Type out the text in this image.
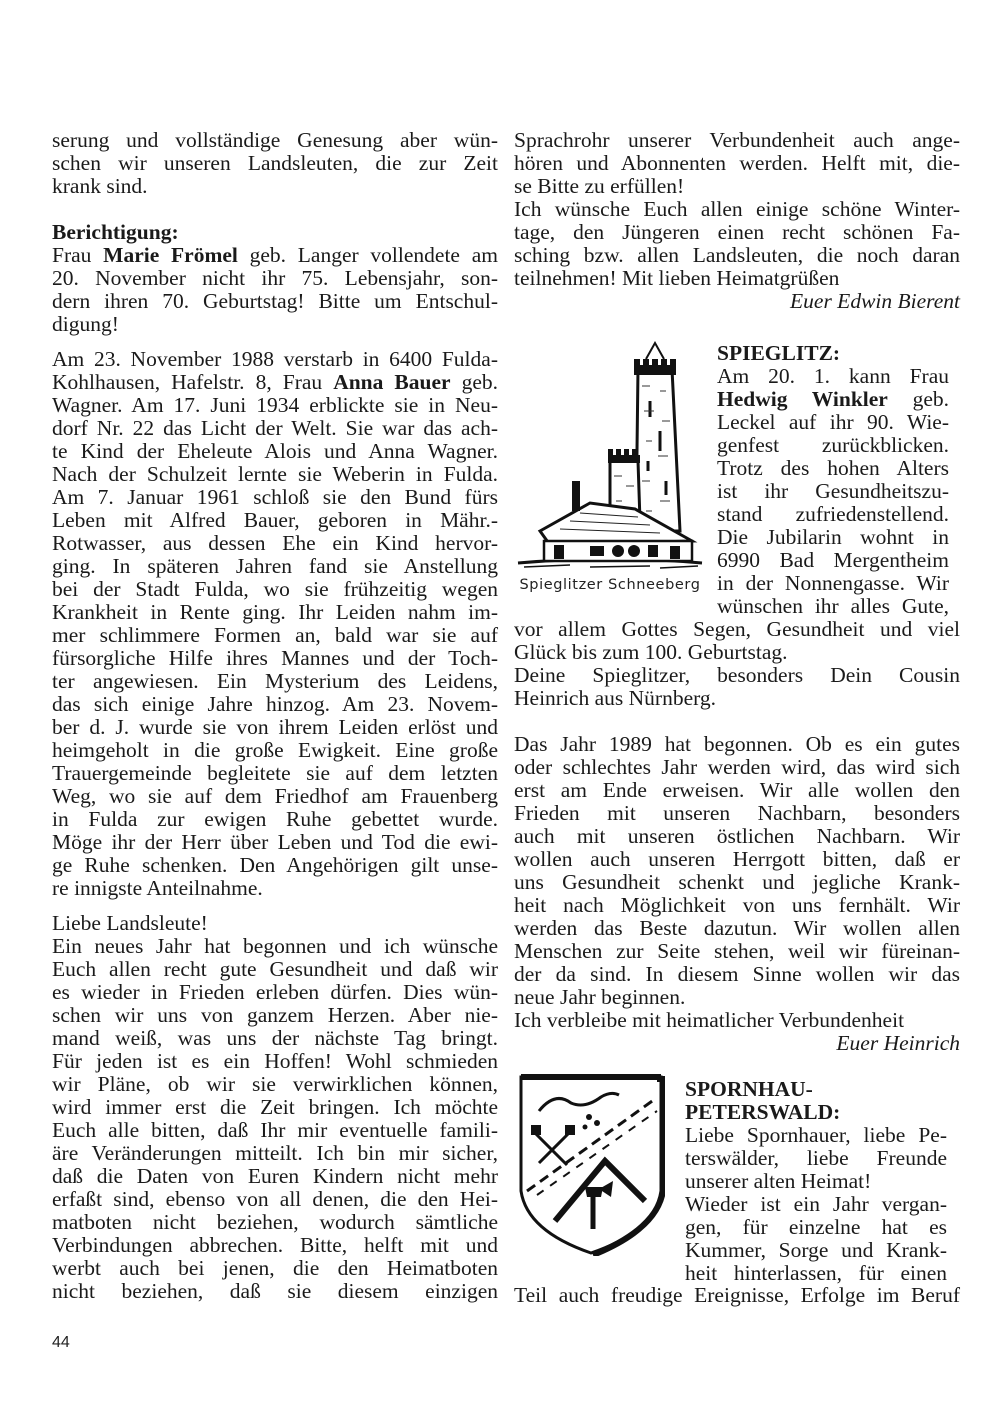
serung und vollständige Genesung aber wün-
schen wir unseren Landsleuten, die zur Zeit
krank sind.
Berichtigung:
Frau Marie Frömel geb. Langer vollendete am
20. November nicht ihr 75. Lebensjahr, son-
dern ihren 70. Geburtstag! Bitte um Entschul-
digung!
Am 23. November 1988 verstarb in 6400 Fulda-
Kohlhausen, Hafelstr. 8, Frau Anna Bauer geb.
Wagner. Am 17. Juni 1934 erblickte sie in Neu-
dorf Nr. 22 das Licht der Welt. Sie war das ach-
te Kind der Eheleute Alois und Anna Wagner.
Nach der Schulzeit lernte sie Weberin in Fulda.
Am 7. Januar 1961 schloß sie den Bund fürs
Leben mit Alfred Bauer, geboren in Mähr.-
Rotwasser, aus dessen Ehe ein Kind hervor-
ging. In späteren Jahren fand sie Anstellung
bei der Stadt Fulda, wo sie frühzeitig wegen
Krankheit in Rente ging. Ihr Leiden nahm im-
mer schlimmere Formen an, bald war sie auf
fürsorgliche Hilfe ihres Mannes und der Toch-
ter angewiesen. Ein Mysterium des Leidens,
das sich einige Jahre hinzog. Am 23. Novem-
ber d. J. wurde sie von ihrem Leiden erlöst und
heimgeholt in die große Ewigkeit. Eine große
Trauergemeinde begleitete sie auf dem letzten
Weg, wo sie auf dem Friedhof am Frauenberg
in Fulda zur ewigen Ruhe gebettet wurde.
Möge ihr der Herr über Leben und Tod die ewi-
ge Ruhe schenken. Den Angehörigen gilt unse-
re innigste Anteilnahme.
Liebe Landsleute!
Ein neues Jahr hat begonnen und ich wünsche
Euch allen recht gute Gesundheit und daß wir
es wieder in Frieden erleben dürfen. Dies wün-
schen wir uns von ganzem Herzen. Aber nie-
mand weiß, was uns der nächste Tag bringt.
Für jeden ist es ein Hoffen! Wohl schmieden
wir Pläne, ob wir sie verwirklichen können,
wird immer erst die Zeit bringen. Ich möchte
Euch alle bitten, daß Ihr mir eventuelle famili-
äre Veränderungen mitteilt. Ich bin mir sicher,
daß die Daten von Euren Kindern nicht mehr
erfaßt sind, ebenso von all denen, die den Hei-
matboten nicht beziehen, wodurch sämtliche
Verbindungen abbrechen. Bitte, helft mit und
werbt auch bei jenen, die den Heimatboten
nicht beziehen, daß sie diesem einzigen
Sprachrohr unserer Verbundenheit auch ange-
hören und Abonnenten werden. Helft mit, die-
se Bitte zu erfüllen!
Ich wünsche Euch allen einige schöne Winter-
tage, den Jüngeren einen recht schönen Fa-
sching bzw. allen Landsleuten, die noch daran
teilnehmen! Mit lieben Heimatgrüßen
Euer Edwin Bierent
Spieglitzer Schneeberg
SPIEGLITZ:
Am 20. 1. kann Frau
Hedwig Winkler geb.
Leckel auf ihr 90. Wie-
genfest zurückblicken.
Trotz des hohen Alters
ist ihr Gesundheitszu-
stand zufriedenstellend.
Die Jubilarin wohnt in
6990 Bad Mergentheim
in der Nonnengasse. Wir
wünschen ihr alles Gute,
vor allem Gottes Segen, Gesundheit und viel
Glück bis zum 100. Geburtstag.
Deine Spieglitzer, besonders Dein Cousin
Heinrich aus Nürnberg.
Das Jahr 1989 hat begonnen. Ob es ein gutes
oder schlechtes Jahr werden wird, das wird sich
erst am Ende erweisen. Wir alle wollen den
Frieden mit unseren Nachbarn, besonders
auch mit unseren östlichen Nachbarn. Wir
wollen auch unseren Herrgott bitten, daß er
uns Gesundheit schenkt und jegliche Krank-
heit nach Möglichkeit von uns fernhält. Wir
werden das Beste dazutun. Wir wollen allen
Menschen zur Seite stehen, weil wir füreinan-
der da sind. In diesem Sinne wollen wir das
neue Jahr beginnen.
Ich verbleibe mit heimatlicher Verbundenheit
Euer Heinrich
SPORNHAU-
PETERSWALD:
Liebe Spornhauer, liebe Pe-
terswälder, liebe Freunde
unserer alten Heimat!
Wieder ist ein Jahr vergan-
gen, für einzelne hat es
Kummer, Sorge und Krank-
heit hinterlassen, für einen
Teil auch freudige Ereignisse, Erfolge im Beruf
44
